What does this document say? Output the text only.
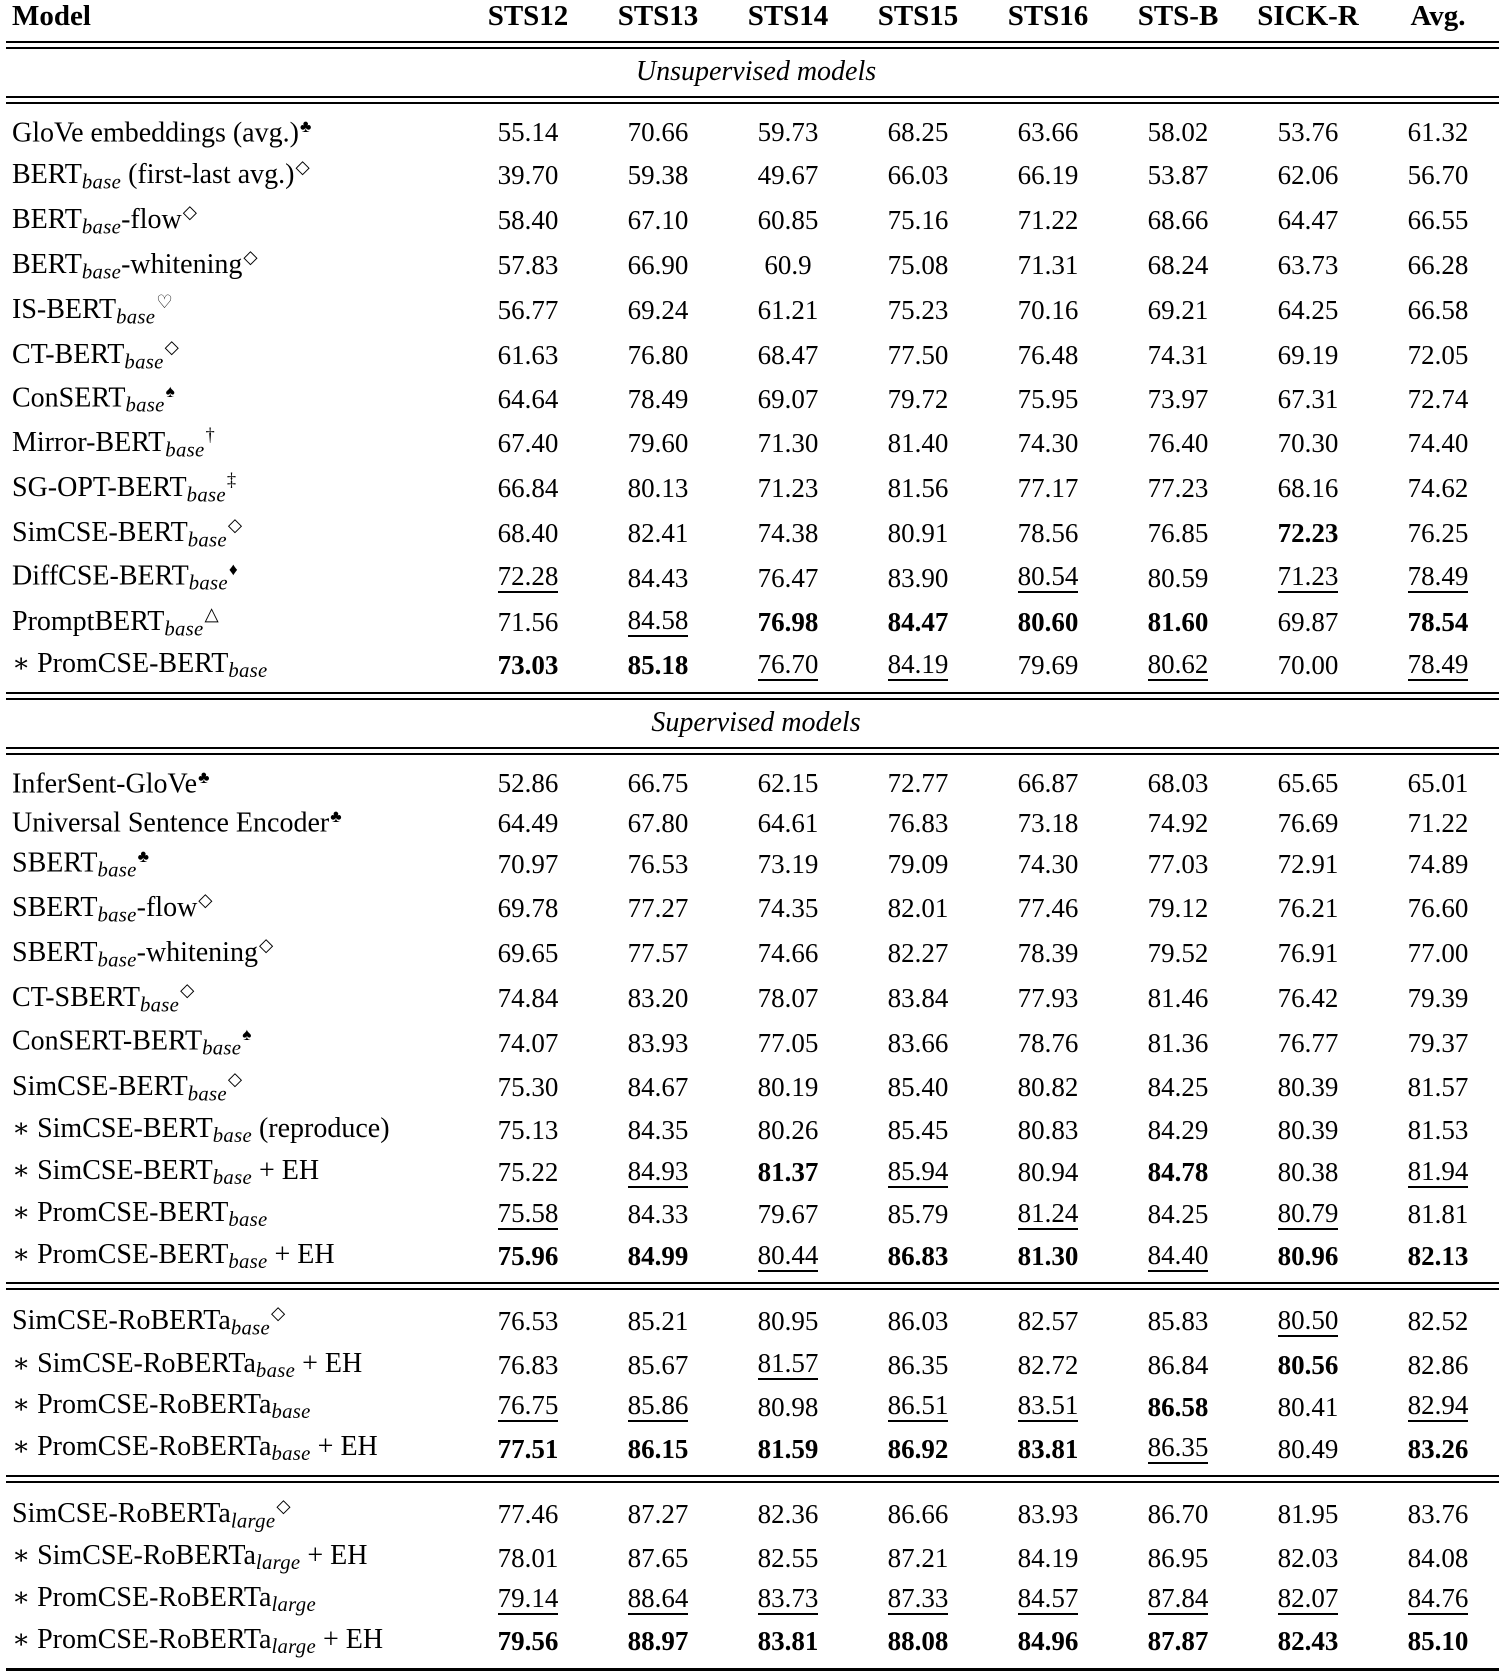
Model	STS12	STS13	STS14	STS15	STS16	STS-B	SICK-R	Avg.

Unsupervised models								

GloVe embeddings (avg.)♣	55.14	70.66	59.73	68.25	63.66	58.02	53.76	61.32
$BERT_{base}$ (first-last avg.)◇	39.70	59.38	49.67	66.03	66.19	53.87	62.06	56.70
$BERT_{base}-flow^◇$	58.40	67.10	60.85	75.16	71.22	68.66	64.47	66.55
$BERT_{base}-whitening^◇$	57.83	66.90	60.9	75.08	71.31	68.24	63.73	66.28
$IS-BERT_{base}^♡$	56.77	69.24	61.21	75.23	70.16	69.21	64.25	66.58
$CT-BERT_{base}^◇$	61.63	76.80	68.47	77.50	76.48	74.31	69.19	72.05
ConSERT$_{base}$♠	64.64	78.49	69.07	79.72	75.95	73.97	67.31	72.74
Mirror-$BERT_{base}^\dagger$	67.40	79.60	71.30	81.40	74.30	76.40	70.30	74.40
$SG-OPT-BERT_{base}^\ddagger$	66.84	80.13	71.23	81.56	77.17	77.23	68.16	74.62
SimCSE-$BERT_{base}^◇$	68.40	82.41	74.38	80.91	78.56	76.85	72.23	76.25
DiffCSE-$BERT_{base}^♦$	72.28	84.43	76.47	83.90	80.54	80.59	71.23	78.49
PromptBERT$_{base}$△	71.56	84.58	76.98	84.47	80.60	81.60	69.87	78.54
∗ PromCSE-$BERT_{base}$	73.03	85.18	76.70	84.19	79.69	80.62	70.00	78.49

Supervised models								

InferSent-GloVe♣	52.86	66.75	62.15	72.77	66.87	68.03	65.65	65.01
Universal Sentence Encoder♣	64.49	67.80	64.61	76.83	73.18	74.92	76.69	71.22
$SBERT_{base}^♣$	70.97	76.53	73.19	79.09	74.30	77.03	72.91	74.89
$SBERT_{base}-flow^◇$	69.78	77.27	74.35	82.01	77.46	79.12	76.21	76.60
$SBERT_{base}-whitening^◇$	69.65	77.57	74.66	82.27	78.39	79.52	76.91	77.00
$CT-SBERT_{base}^◇$	74.84	83.20	78.07	83.84	77.93	81.46	76.42	79.39
ConSERT-$BERT_{base}^♠$	74.07	83.93	77.05	83.66	78.76	81.36	76.77	79.37
SimCSE-$BERT_{base}^◇$	75.30	84.67	80.19	85.40	80.82	84.25	80.39	81.57
∗ SimCSE-$BERT_{base}$ (reproduce)	75.13	84.35	80.26	85.45	80.83	84.29	80.39	81.53
∗ SimCSE-$BERT_{base}$ + EH	75.22	84.93	81.37	85.94	80.94	84.78	80.38	81.94
∗ PromCSE-$BERT_{base}$	75.58	84.33	79.67	85.79	81.24	84.25	80.79	81.81
∗ PromCSE-$BERT_{base}$ + EH	75.96	84.99	80.44	86.83	81.30	84.40	80.96	82.13

SimCSE-RoBERTa$_{base}$◇	76.53	85.21	80.95	86.03	82.57	85.83	80.50	82.52
∗ SimCSE-RoBERTa$_{base}$ + EH	76.83	85.67	81.57	86.35	82.72	86.84	80.56	82.86
∗ PromCSE-RoBERTa$_{base}$	76.75	85.86	80.98	86.51	83.51	86.58	80.41	82.94
∗ PromCSE-RoBERTa$_{base}$ + EH	77.51	86.15	81.59	86.92	83.81	86.35	80.49	83.26

SimCSE-RoBERTa$_{large}$◇	77.46	87.27	82.36	86.66	83.93	86.70	81.95	83.76
∗ SimCSE-RoBERTa$_{large}$ + EH	78.01	87.65	82.55	87.21	84.19	86.95	82.03	84.08
∗ PromCSE-RoBERTa$_{large}$	79.14	88.64	83.73	87.33	84.57	87.84	82.07	84.76
∗ PromCSE-RoBERTa$_{large}$ + EH	79.56	88.97	83.81	88.08	84.96	87.87	82.43	85.10
